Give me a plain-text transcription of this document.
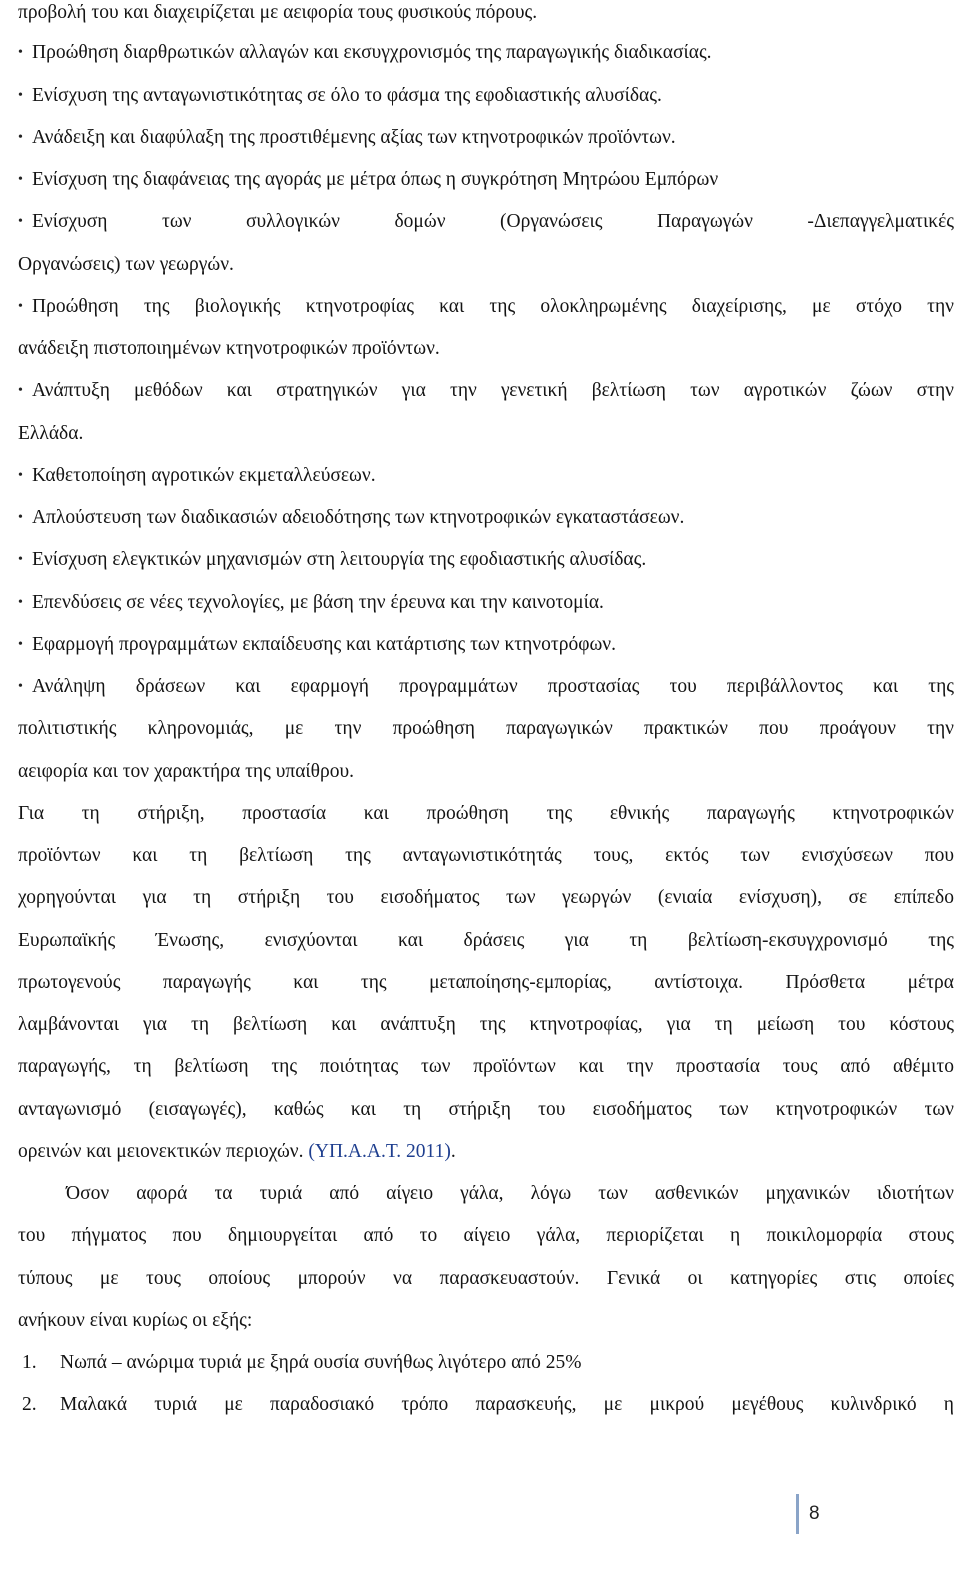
προβολή του και διαχειρίζεται με αειφορία τους φυσικούς πόρους.
• Προώθηση διαρθρωτικών αλλαγών και εκσυγχρονισμός της παραγωγικής διαδικασίας.
• Ενίσχυση της ανταγωνιστικότητας σε όλο το φάσμα της εφοδιαστικής αλυσίδας.
• Ανάδειξη και διαφύλαξη της προστιθέμενης αξίας των κτηνοτροφικών προϊόντων.
• Ενίσχυση της διαφάνειας της αγοράς με μέτρα όπως η συγκρότηση Μητρώου Εμπόρων
• Ενίσχυση των συλλογικών δομών (Οργανώσεις Παραγωγών -Διεπαγγελματικές
Οργανώσεις) των γεωργών.
• Προώθηση της βιολογικής κτηνοτροφίας και της ολοκληρωμένης διαχείρισης, με στόχο την
ανάδειξη πιστοποιημένων κτηνοτροφικών προϊόντων.
• Ανάπτυξη μεθόδων και στρατηγικών για την γενετική βελτίωση των αγροτικών ζώων στην
Ελλάδα.
• Καθετοποίηση αγροτικών εκμεταλλεύσεων.
• Απλούστευση των διαδικασιών αδειοδότησης των κτηνοτροφικών εγκαταστάσεων.
• Ενίσχυση ελεγκτικών μηχανισμών στη λειτουργία της εφοδιαστικής αλυσίδας.
• Επενδύσεις σε νέες τεχνολογίες, με βάση την έρευνα και την καινοτομία.
• Εφαρμογή προγραμμάτων εκπαίδευσης και κατάρτισης των κτηνοτρόφων.
• Ανάληψη δράσεων και εφαρμογή προγραμμάτων προστασίας του περιβάλλοντος και της
πολιτιστικής κληρονομιάς, με την προώθηση παραγωγικών πρακτικών που προάγουν την
αειφορία και τον χαρακτήρα της υπαίθρου.
Για τη στήριξη, προστασία και προώθηση της εθνικής παραγωγής κτηνοτροφικών
προϊόντων και τη βελτίωση της ανταγωνιστικότητάς τους, εκτός των ενισχύσεων που
χορηγούνται για τη στήριξη του εισοδήματος των γεωργών (ενιαία ενίσχυση), σε επίπεδο
Ευρωπαϊκής Ένωσης, ενισχύονται και δράσεις για τη βελτίωση-εκσυγχρονισμό της
πρωτογενούς παραγωγής και της μεταποίησης-εμπορίας, αντίστοιχα. Πρόσθετα μέτρα
λαμβάνονται για τη βελτίωση και ανάπτυξη της κτηνοτροφίας, για τη μείωση του κόστους
παραγωγής, τη βελτίωση της ποιότητας των προϊόντων και την προστασία τους από αθέμιτο
ανταγωνισμό (εισαγωγές), καθώς και τη στήριξη του εισοδήματος των κτηνοτροφικών των
ορεινών και μειονεκτικών περιοχών. (ΥΠ.Α.Α.Τ. 2011).
Όσον αφορά τα τυριά από αίγειο γάλα, λόγω των ασθενικών μηχανικών ιδιοτήτων
του πήγματος που δημιουργείται από το αίγειο γάλα, περιορίζεται η ποικιλομορφία στους
τύπους με τους οποίους μπορούν να παρασκευαστούν. Γενικά οι κατηγορίες στις οποίες
ανήκουν είναι κυρίως οι εξής:
1. Νωπά – ανώριμα τυριά με ξηρά ουσία συνήθως λιγότερο από 25%
2. Μαλακά τυριά με παραδοσιακό τρόπο παρασκευής, με μικρού μεγέθους κυλινδρικό η
8
